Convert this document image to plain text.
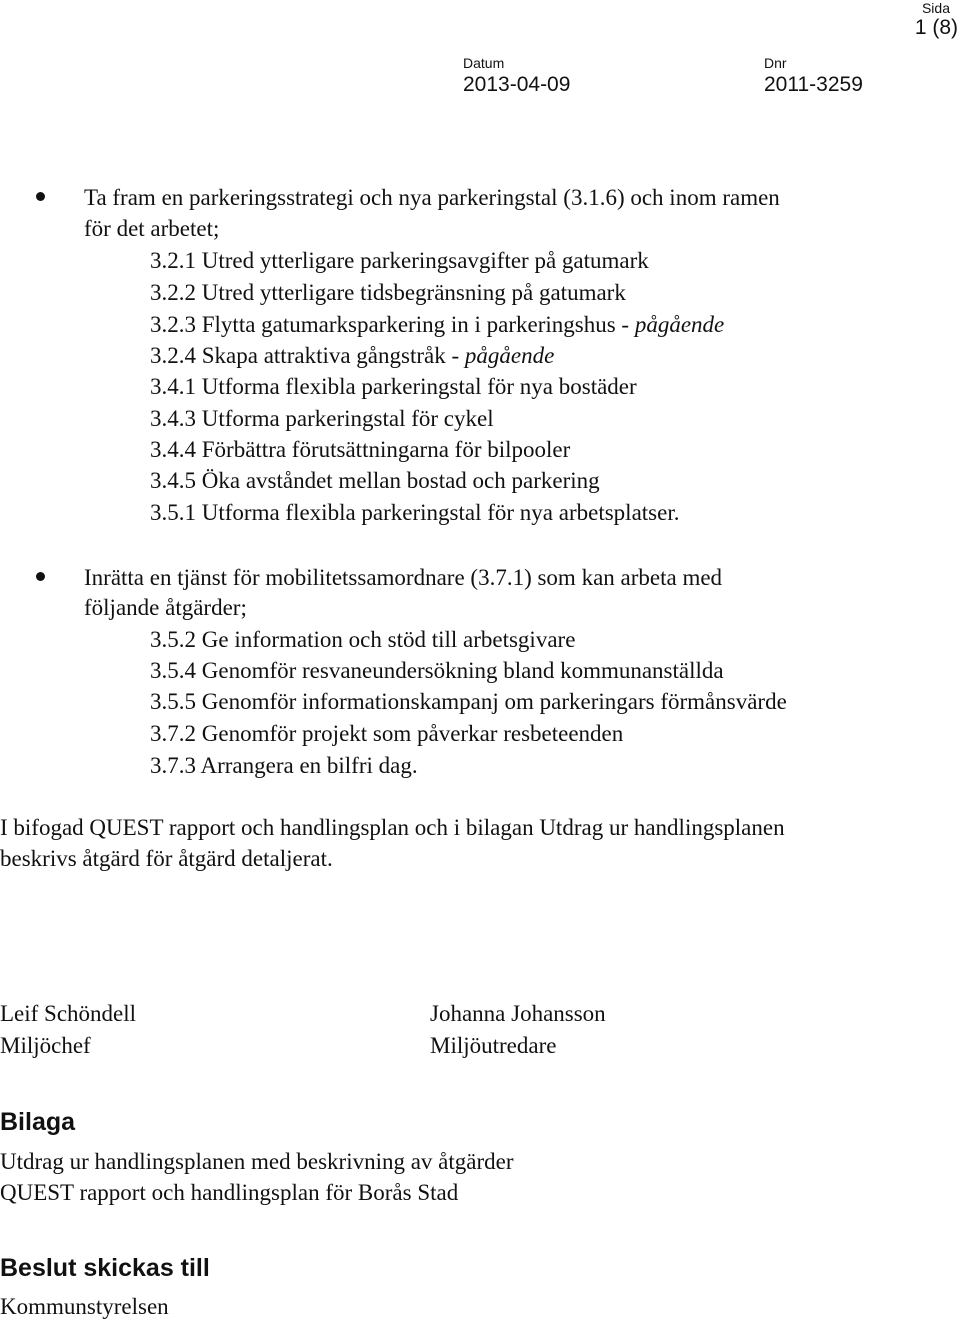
Sida
1 (8)
Datum
2013-04-09
Dnr
2011-3259
Ta fram en parkeringsstrategi och nya parkeringstal (3.1.6) och inom ramen
för det arbetet;
3.2.1 Utred ytterligare parkeringsavgifter på gatumark
3.2.2 Utred ytterligare tidsbegränsning på gatumark
3.2.3 Flytta gatumarksparkering in i parkeringshus - pågående
3.2.4 Skapa attraktiva gångstråk - pågående
3.4.1 Utforma flexibla parkeringstal för nya bostäder
3.4.3 Utforma parkeringstal för cykel
3.4.4 Förbättra förutsättningarna för bilpooler
3.4.5 Öka avståndet mellan bostad och parkering
3.5.1 Utforma flexibla parkeringstal för nya arbetsplatser.
Inrätta en tjänst för mobilitetssamordnare (3.7.1) som kan arbeta med
följande åtgärder;
3.5.2 Ge information och stöd till arbetsgivare
3.5.4 Genomför resvaneundersökning bland kommunanställda
3.5.5 Genomför informationskampanj om parkeringars förmånsvärde
3.7.2 Genomför projekt som påverkar resbeteenden
3.7.3 Arrangera en bilfri dag.
I bifogad QUEST rapport och handlingsplan och i bilagan Utdrag ur handlingsplanen
beskrivs åtgärd för åtgärd detaljerat.
Leif Schöndell
Miljöchef
Johanna Johansson
Miljöutredare
Bilaga
Utdrag ur handlingsplanen med beskrivning av åtgärder
QUEST rapport och handlingsplan för Borås Stad
Beslut skickas till
Kommunstyrelsen
